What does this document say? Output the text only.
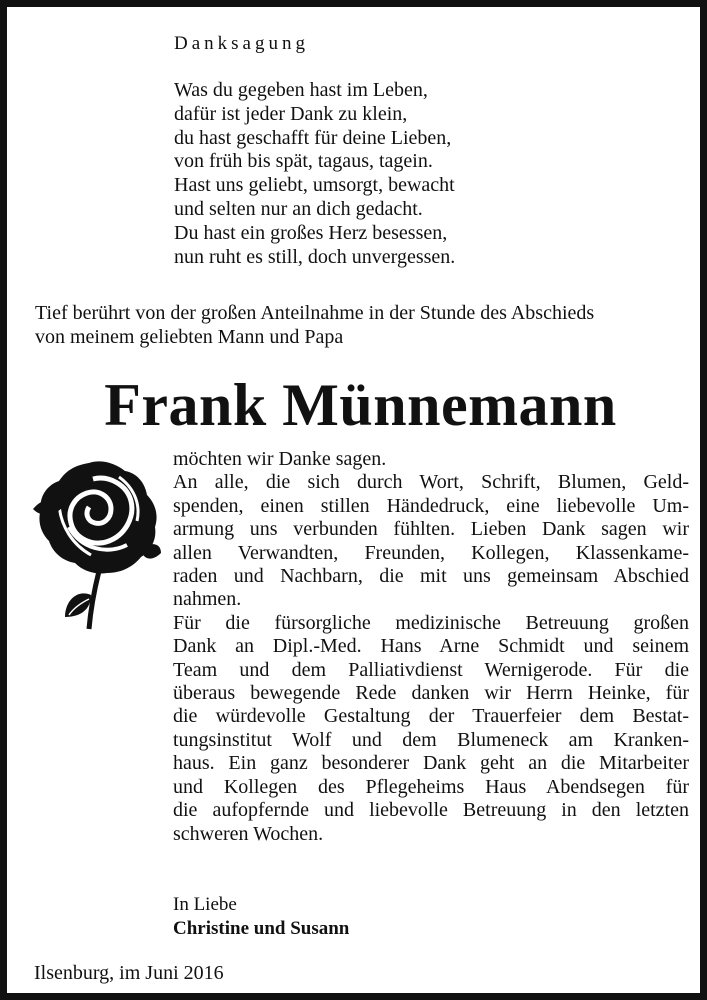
Danksagung
Was du gegeben hast im Leben,
dafür ist jeder Dank zu klein,
du hast geschafft für deine Lieben,
von früh bis spät, tagaus, tagein.
Hast uns geliebt, umsorgt, bewacht
und selten nur an dich gedacht.
Du hast ein großes Herz besessen,
nun ruht es still, doch unvergessen.
Tief berührt von der großen Anteilnahme in der Stunde des Abschieds
von meinem geliebten Mann und Papa
Frank Münnemann
möchten wir Danke sagen.
An alle, die sich durch Wort, Schrift, Blumen, Geld-
spenden, einen stillen Händedruck, eine liebevolle Um-
armung uns verbunden fühlten. Lieben Dank sagen wir
allen Verwandten, Freunden, Kollegen, Klassenkame-
raden und Nachbarn, die mit uns gemeinsam Abschied
nahmen.
Für die fürsorgliche medizinische Betreuung großen
Dank an Dipl.-Med. Hans Arne Schmidt und seinem
Team und dem Palliativdienst Wernigerode. Für die
überaus bewegende Rede danken wir Herrn Heinke, für
die würdevolle Gestaltung der Trauerfeier dem Bestat-
tungsinstitut Wolf und dem Blumeneck am Kranken-
haus. Ein ganz besonderer Dank geht an die Mitarbeiter
und Kollegen des Pflegeheims Haus Abendsegen für
die aufopfernde und liebevolle Betreuung in den letzten
schweren Wochen.
In Liebe
Christine und Susann
Ilsenburg, im Juni 2016
